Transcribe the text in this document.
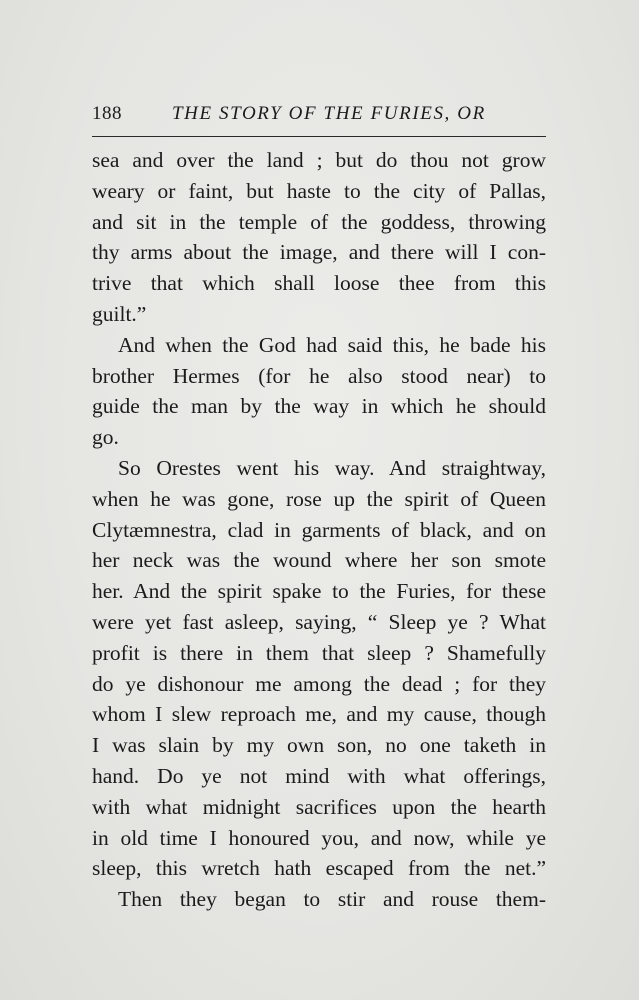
188	THE STORY OF THE FURIES, OR
sea and over the land ; but do thou not grow
weary or faint, but haste to the city of Pallas,
and sit in the temple of the goddess, throwing
thy arms about the image, and there will I con-
trive that which shall loose thee from this
guilt.”
And when the God had said this, he bade his
brother Hermes (for he also stood near) to
guide the man by the way in which he should
go.
So Orestes went his way. And straightway,
when he was gone, rose up the spirit of Queen
Clytæmnestra, clad in garments of black, and on
her neck was the wound where her son smote
her. And the spirit spake to the Furies, for these
were yet fast asleep, saying, “ Sleep ye ? What
profit is there in them that sleep ? Shamefully
do ye dishonour me among the dead ; for they
whom I slew reproach me, and my cause, though
I was slain by my own son, no one taketh in
hand. Do ye not mind with what offerings,
with what midnight sacrifices upon the hearth
in old time I honoured you, and now, while ye
sleep, this wretch hath escaped from the net.”
Then they began to stir and rouse them-
